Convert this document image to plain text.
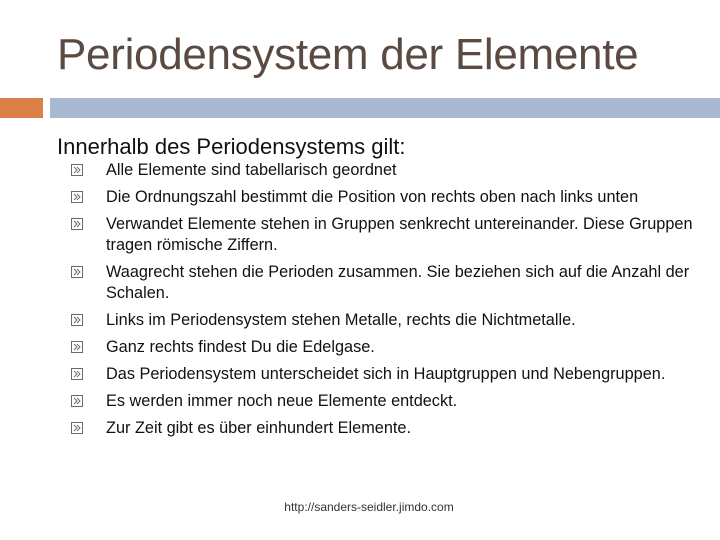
Periodensystem der Elemente
Innerhalb des Periodensystems gilt:
Alle Elemente sind tabellarisch geordnet
Die Ordnungszahl bestimmt die Position von rechts oben nach links unten
Verwandet Elemente stehen in Gruppen senkrecht untereinander. Diese Gruppen tragen römische Ziffern.
Waagrecht stehen die Perioden zusammen. Sie beziehen sich auf die Anzahl der Schalen.
Links im Periodensystem stehen Metalle, rechts die Nichtmetalle.
Ganz rechts findest Du die Edelgase.
Das Periodensystem unterscheidet sich in Hauptgruppen und Nebengruppen.
Es werden immer noch neue Elemente entdeckt.
Zur Zeit gibt es über einhundert Elemente.
http://sanders-seidler.jimdo.com
